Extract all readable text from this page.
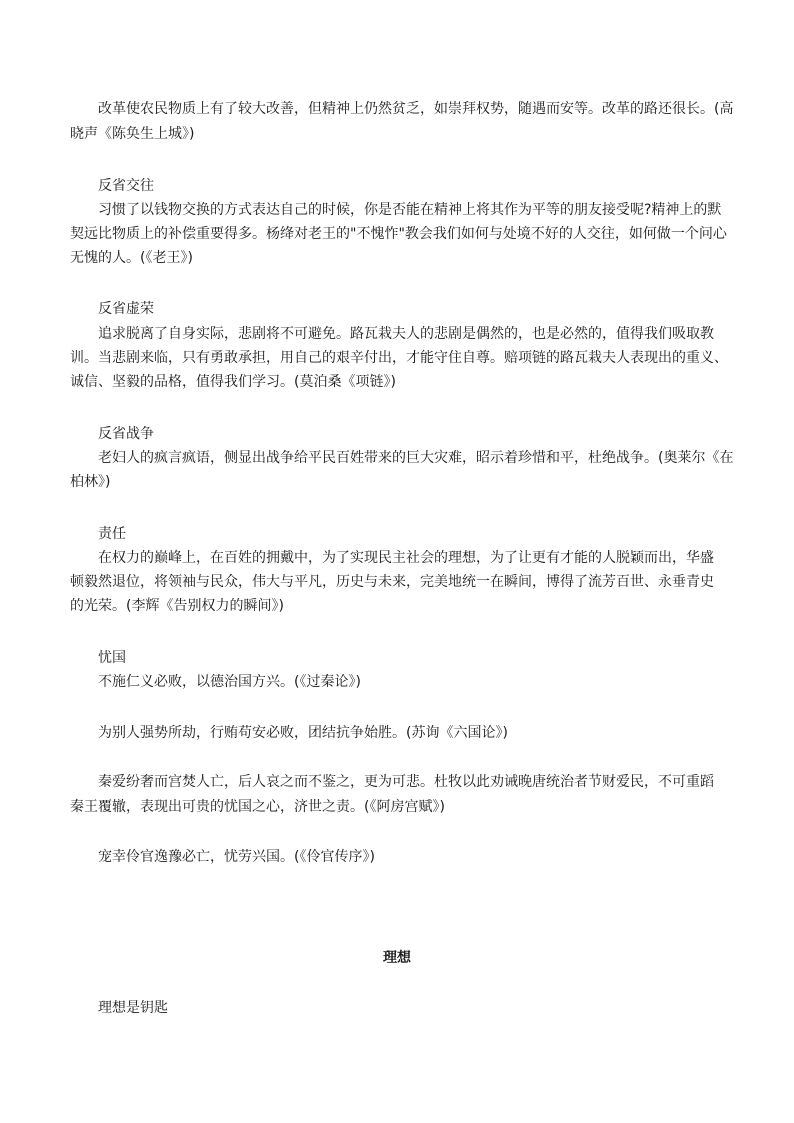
改革使农民物质上有了较大改善，但精神上仍然贫乏，如崇拜权势，随遇而安等。改革的路还很长。(高
晓声《陈奂生上城》)
反省交往
习惯了以钱物交换的方式表达自己的时候，你是否能在精神上将其作为平等的朋友接受呢?精神上的默
契远比物质上的补偿重要得多。杨绛对老王的"不愧怍"教会我们如何与处境不好的人交往，如何做一个问心
无愧的人。(《老王》)
反省虚荣
追求脱离了自身实际，悲剧将不可避免。路瓦栽夫人的悲剧是偶然的，也是必然的，值得我们吸取教
训。当悲剧来临，只有勇敢承担，用自己的艰辛付出，才能守住自尊。赔项链的路瓦栽夫人表现出的重义、
诚信、坚毅的品格，值得我们学习。(莫泊桑《项链》)
反省战争
老妇人的疯言疯语，侧显出战争给平民百姓带来的巨大灾难，昭示着珍惜和平，杜绝战争。(奥莱尔《在
柏林》)
责任
在权力的巅峰上，在百姓的拥戴中，为了实现民主社会的理想，为了让更有才能的人脱颖而出，华盛
顿毅然退位，将领袖与民众，伟大与平凡，历史与未来，完美地统一在瞬间，博得了流芳百世、永垂青史
的光荣。(李辉《告别权力的瞬间》)
忧国
不施仁义必败，以德治国方兴。(《过秦论》)
为别人强势所劫，行贿苟安必败，团结抗争始胜。(苏询《六国论》)
秦爱纷奢而宫焚人亡，后人哀之而不鉴之，更为可悲。杜牧以此劝诫晚唐统治者节财爱民，不可重蹈
秦王覆辙，表现出可贵的忧国之心，济世之责。(《阿房宫赋》)
宠幸伶官逸豫必亡，忧劳兴国。(《伶官传序》)
理想
理想是钥匙
